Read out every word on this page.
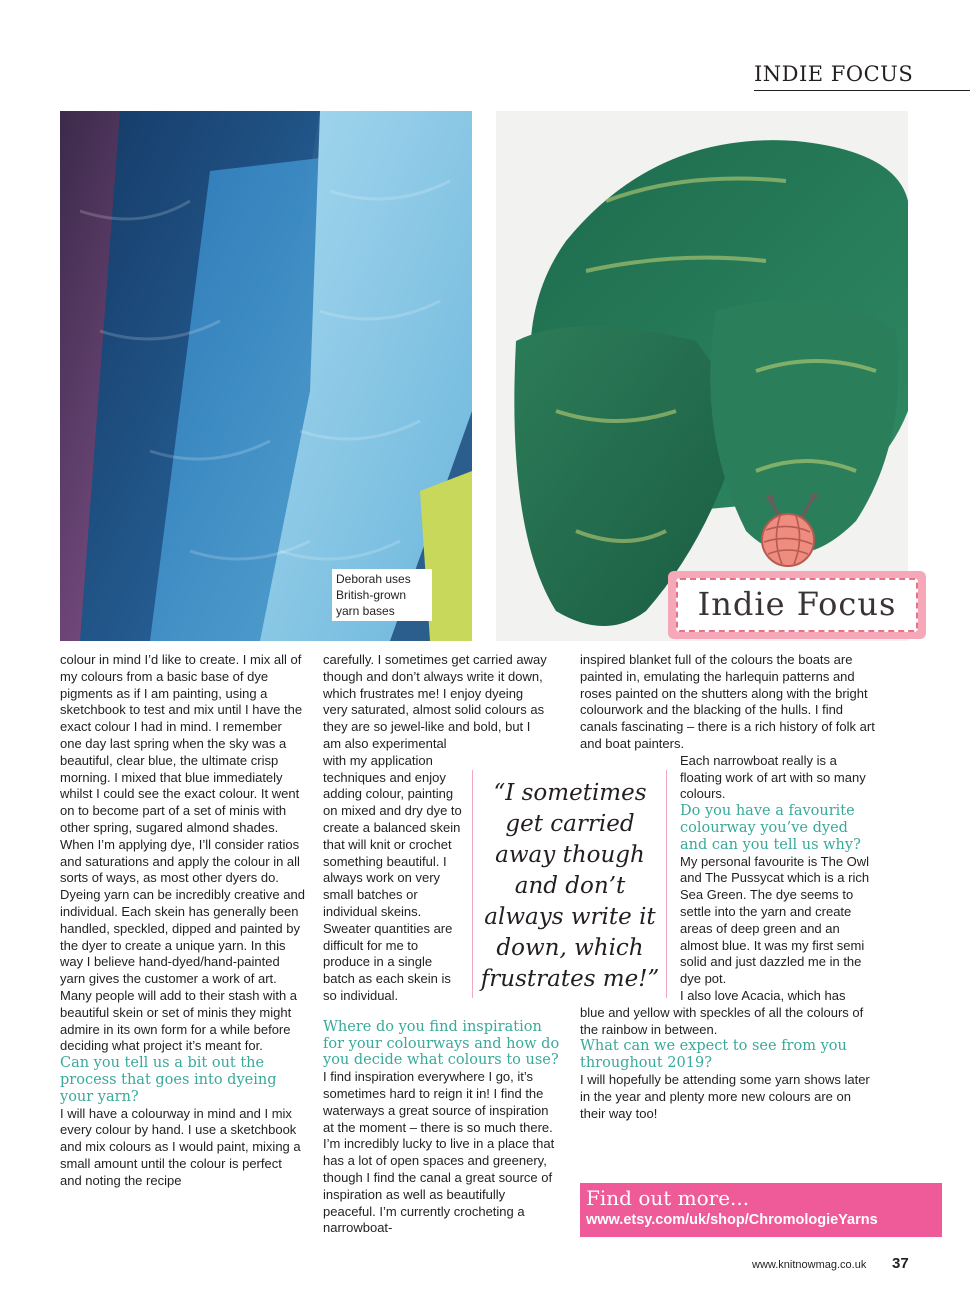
INDIE FOCUS
Deborah uses British-grown yarn bases	Indie Focus

colour in mind I’d like to create. I mix all of my colours from a basic base of dye pigments as if I am painting, using a sketchbook to test and mix until I have the exact colour I had in mind. I remember one day last spring when the sky was a beautiful, clear blue, the ultimate crisp morning. I mixed that blue immediately whilst I could see the exact colour. It went on to become part of a set of minis with other spring, sugared almond shades. When I’m applying dye, I’ll consider ratios and saturations and apply the colour in all sorts of ways, as most other dyers do. Dyeing yarn can be incredibly creative and individual. Each skein has generally been handled, speckled, dipped and painted by the dyer to create a unique yarn. In this way I believe hand-dyed/hand-painted yarn gives the customer a work of art. Many people will add to their stash with a beautiful skein or set of minis they might admire in its own form for a while before deciding what project it’s meant for.

Can you tell us a bit out the process that goes into dyeing your yarn?

I will have a colourway in mind and I mix every colour by hand. I use a sketchbook and mix colours as I would paint, mixing a small amount until the colour is perfect and noting the recipe

carefully. I sometimes get carried away though and don’t always write it down, which frustrates me! I enjoy dyeing very saturated, almost solid colours as they are so jewel-like and bold, but I am also experimental

with my application techniques and enjoy adding colour, painting on mixed and dry dye to create a balanced skein that will knit or crochet something beautiful. I always work on very small batches or individual skeins. Sweater quantities are difficult for me to produce in a single batch as each skein is so individual.

Where do you find inspiration for your colourways and how do you decide what colours to use?

I find inspiration everywhere I go, it’s sometimes hard to reign it in! I find the waterways a great source of inspiration at the moment – there is so much there. I’m incredibly lucky to live in a place that has a lot of open spaces and greenery, though I find the canal a great source of inspiration as well as beautifully peaceful. I’m currently crocheting a narrowboat-

“I sometimes get carried away though and don’t always write it down, which frustrates me!”

inspired blanket full of the colours the boats are painted in, emulating the harlequin patterns and roses painted on the shutters along with the bright colourwork and the blacking of the hulls. I find canals fascinating – there is a rich history of folk art and boat painters.

Each narrowboat really is a floating work of art with so many colours.

Do you have a favourite colourway you’ve dyed and can you tell us why?

My personal favourite is The Owl and The Pussycat which is a rich Sea Green. The dye seems to settle into the yarn and create areas of deep green and an almost blue. It was my first semi solid and just dazzled me in the dye pot.

I also love Acacia, which has

blue and yellow with speckles of all the colours of the rainbow in between.

What can we expect to see from you throughout 2019?

I will hopefully be attending some yarn shows later in the year and plenty more new colours are on their way too!

Find out more...
www.etsy.com/uk/shop/ChromologieYarns
www.knitnowmag.co.uk 37
